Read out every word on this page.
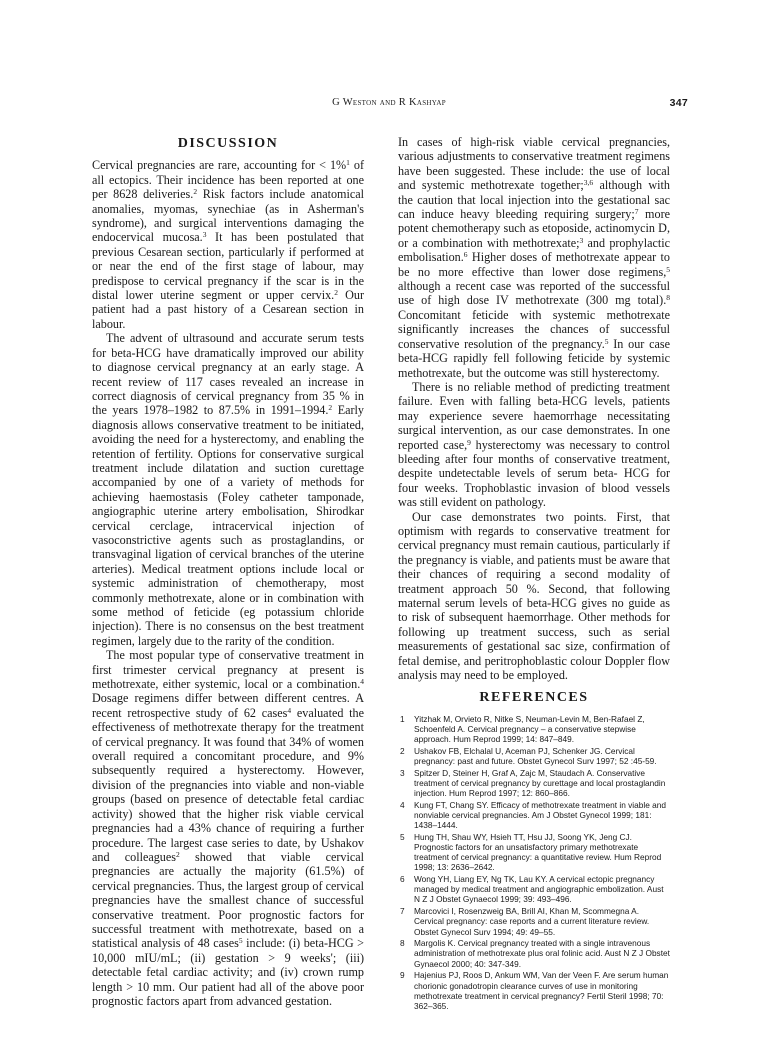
G Weston and R Kashyap	347
DISCUSSION

Cervical pregnancies are rare, accounting for < 1%$^1$ of all ectopics. Their incidence has been reported at one per 8628 deliveries.$^2$ Risk factors include anatomical anomalies, myomas, synechiae (as in Asherman's syndrome), and surgical interventions damaging the endocervical mucosa.$^3$ It has been postulated that previous Cesarean section, particularly if performed at or near the end of the first stage of labour, may predispose to cervical pregnancy if the scar is in the distal lower uterine segment or upper cervix.$^2$ Our patient had a past history of a Cesarean section in labour.

The advent of ultrasound and accurate serum tests for beta-HCG have dramatically improved our ability to diagnose cervical pregnancy at an early stage. A recent review of 117 cases revealed an increase in correct diagnosis of cervical pregnancy from 35 % in the years 1978–1982 to 87.5% in 1991–1994.$^2$ Early diagnosis allows conservative treatment to be initiated, avoiding the need for a hysterectomy, and enabling the retention of fertility. Options for conservative surgical treatment include dilatation and suction curettage accompanied by one of a variety of methods for achieving haemostasis (Foley catheter tamponade, angiographic uterine artery embolisation, Shirodkar cervical cerclage, intracervical injection of vasoconstrictive agents such as prostaglandins, or transvaginal ligation of cervical branches of the uterine arteries). Medical treatment options include local or systemic administration of chemotherapy, most commonly methotrexate, alone or in combination with some method of feticide (eg potassium chloride injection). There is no consensus on the best treatment regimen, largely due to the rarity of the condition.

The most popular type of conservative treatment in first trimester cervical pregnancy at present is methotrexate, either systemic, local or a combination.$^4$ Dosage regimens differ between different centres. A recent retrospective study of 62 cases$^4$ evaluated the effectiveness of methotrexate therapy for the treatment of cervical pregnancy. It was found that 34% of women overall required a concomitant procedure, and 9% subsequently required a hysterectomy. However, division of the pregnancies into viable and non-viable groups (based on presence of detectable fetal cardiac activity) showed that the higher risk viable cervical pregnancies had a 43% chance of requiring a further procedure. The largest case series to date, by Ushakov and colleagues$^2$ showed that viable cervical pregnancies are actually the majority (61.5%) of cervical pregnancies. Thus, the largest group of cervical pregnancies have the smallest chance of successful conservative treatment. Poor prognostic factors for successful treatment with methotrexate, based on a statistical analysis of 48 cases$^5$ include: (i) beta-HCG > 10,000 mIU/mL; (ii) gestation > 9 weeks'; (iii) detectable fetal cardiac activity; and (iv) crown rump length > 10 mm. Our patient had all of the above poor prognostic factors apart from advanced gestation.

In cases of high-risk viable cervical pregnancies, various adjustments to conservative treatment regimens have been suggested. These include: the use of local and systemic methotrexate together;$^{3,6}$ although with the caution that local injection into the gestational sac can induce heavy bleeding requiring surgery;$^7$ more potent chemotherapy such as etoposide, actinomycin D, or a combination with methotrexate;$^3$ and prophylactic embolisation.$^6$ Higher doses of methotrexate appear to be no more effective than lower dose regimens,$^5$ although a recent case was reported of the successful use of high dose IV methotrexate (300 mg total).$^8$ Concomitant feticide with systemic methotrexate significantly increases the chances of successful conservative resolution of the pregnancy.$^5$ In our case beta-HCG rapidly fell following feticide by systemic methotrexate, but the outcome was still hysterectomy.

There is no reliable method of predicting treatment failure. Even with falling beta-HCG levels, patients may experience severe haemorrhage necessitating surgical intervention, as our case demonstrates. In one reported case,$^9$ hysterectomy was necessary to control bleeding after four months of conservative treatment, despite undetectable levels of serum beta- HCG for four weeks. Trophoblastic invasion of blood vessels was still evident on pathology.

Our case demonstrates two points. First, that optimism with regards to conservative treatment for cervical pregnancy must remain cautious, particularly if the pregnancy is viable, and patients must be aware that their chances of requiring a second modality of treatment approach 50 %. Second, that following maternal serum levels of beta-HCG gives no guide as to risk of subsequent haemorrhage. Other methods for following up treatment success, such as serial measurements of gestational sac size, confirmation of fetal demise, and peritrophoblastic colour Doppler flow analysis may need to be employed.

REFERENCES
1 Yitzhak M, Orvieto R, Nitke S, Neuman-Levin M, Ben-Rafael Z, Schoenfeld A. Cervical pregnancy – a conservative stepwise approach. Hum Reprod 1999; 14: 847–849.
2 Ushakov FB, Elchalal U, Aceman PJ, Schenker JG. Cervical pregnancy: past and future. Obstet Gynecol Surv 1997; 52 :45-59.
3 Spitzer D, Steiner H, Graf A, Zajc M, Staudach A. Conservative treatment of cervical pregnancy by curettage and local prostaglandin injection. Hum Reprod 1997; 12: 860–866.
4 Kung FT, Chang SY. Efficacy of methotrexate treatment in viable and nonviable cervical pregnancies. Am J Obstet Gynecol 1999; 181: 1438–1444.
5 Hung TH, Shau WY, Hsieh TT, Hsu JJ, Soong YK, Jeng CJ. Prognostic factors for an unsatisfactory primary methotrexate treatment of cervical pregnancy: a quantitative review. Hum Reprod 1998; 13: 2636–2642.
6 Wong YH, Liang EY, Ng TK, Lau KY. A cervical ectopic pregnancy managed by medical treatment and angiographic embolization. Aust N Z J Obstet Gynaecol 1999; 39: 493–496.
7 Marcovici I, Rosenzweig BA, Brill AI, Khan M, Scommegna A. Cervical pregnancy: case reports and a current literature review. Obstet Gynecol Surv 1994; 49: 49–55.
8 Margolis K. Cervical pregnancy treated with a single intravenous administration of methotrexate plus oral folinic acid. Aust N Z J Obstet Gynaecol 2000; 40: 347-349.
9 Hajenius PJ, Roos D, Ankum WM, Van der Veen F. Are serum human chorionic gonadotropin clearance curves of use in monitoring methotrexate treatment in cervical pregnancy? Fertil Steril 1998; 70: 362–365.
